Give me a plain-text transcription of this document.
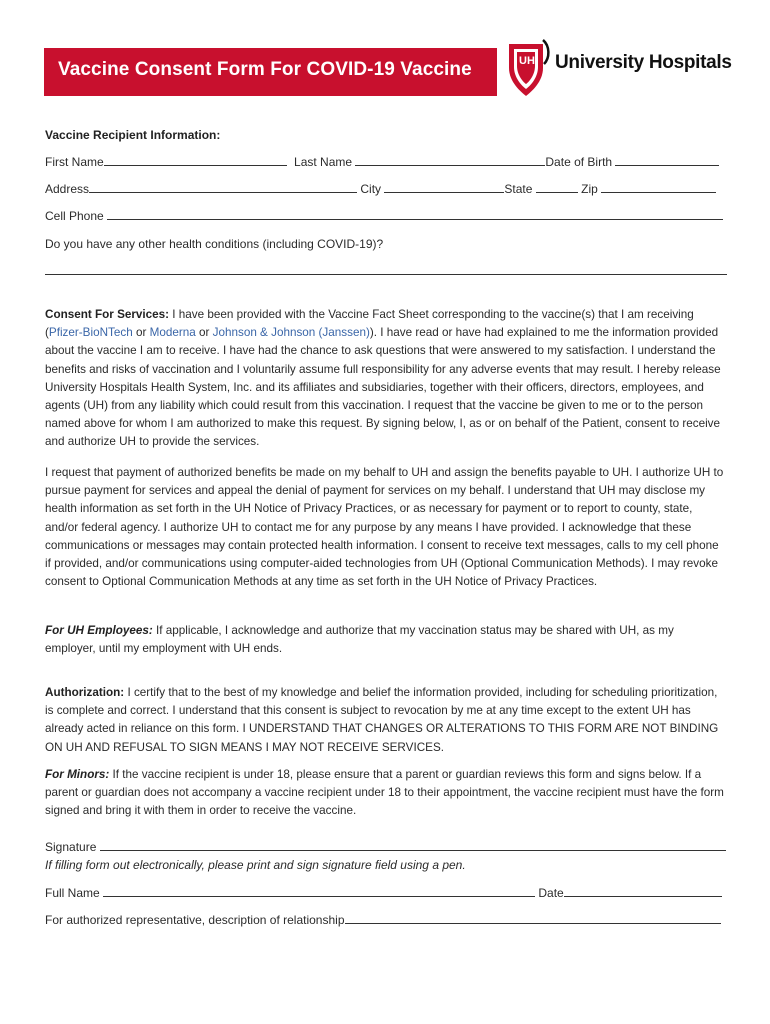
Vaccine Consent Form For COVID-19 Vaccine	UH University Hospitals
Vaccine Recipient Information:
First Name	Last Name	Date of Birth
Address	City	State	Zip
Cell Phone
Do you have any other health conditions (including COVID-19)?
Consent For Services: I have been provided with the Vaccine Fact Sheet corresponding to the vaccine(s) that I am receiving (Pfizer-BioNTech or Moderna or Johnson & Johnson (Janssen)). I have read or have had explained to me the information provided about the vaccine I am to receive. I have had the chance to ask questions that were answered to my satisfaction. I understand the benefits and risks of vaccination and I voluntarily assume full responsibility for any adverse events that may result. I hereby release University Hospitals Health System, Inc. and its affiliates and subsidiaries, together with their officers, directors, employees, and agents (UH) from any liability which could result from this vaccination. I request that the vaccine be given to me or to the person named above for whom I am authorized to make this request. By signing below, I, as or on behalf of the Patient, consent to receive and authorize UH to provide the services.
I request that payment of authorized benefits be made on my behalf to UH and assign the benefits payable to UH. I authorize UH to pursue payment for services and appeal the denial of payment for services on my behalf. I understand that UH may disclose my health information as set forth in the UH Notice of Privacy Practices, or as necessary for payment or to report to county, state, and/or federal agency. I authorize UH to contact me for any purpose by any means I have provided. I acknowledge that these communications or messages may contain protected health information. I consent to receive text messages, calls to my cell phone if provided, and/or communications using computer-aided technologies from UH (Optional Communication Methods). I may revoke consent to Optional Communication Methods at any time as set forth in the UH Notice of Privacy Practices.
For UH Employees: If applicable, I acknowledge and authorize that my vaccination status may be shared with UH, as my employer, until my employment with UH ends.
Authorization: I certify that to the best of my knowledge and belief the information provided, including for scheduling prioritization, is complete and correct. I understand that this consent is subject to revocation by me at any time except to the extent UH has already acted in reliance on this form. I UNDERSTAND THAT CHANGES OR ALTERATIONS TO THIS FORM ARE NOT BINDING ON UH AND REFUSAL TO SIGN MEANS I MAY NOT RECEIVE SERVICES.
For Minors: If the vaccine recipient is under 18, please ensure that a parent or guardian reviews this form and signs below. If a parent or guardian does not accompany a vaccine recipient under 18 to their appointment, the vaccine recipient must have the form signed and bring it with them in order to receive the vaccine.
Signature
If filling form out electronically, please print and sign signature field using a pen.
Full Name	Date
For authorized representative, description of relationship
